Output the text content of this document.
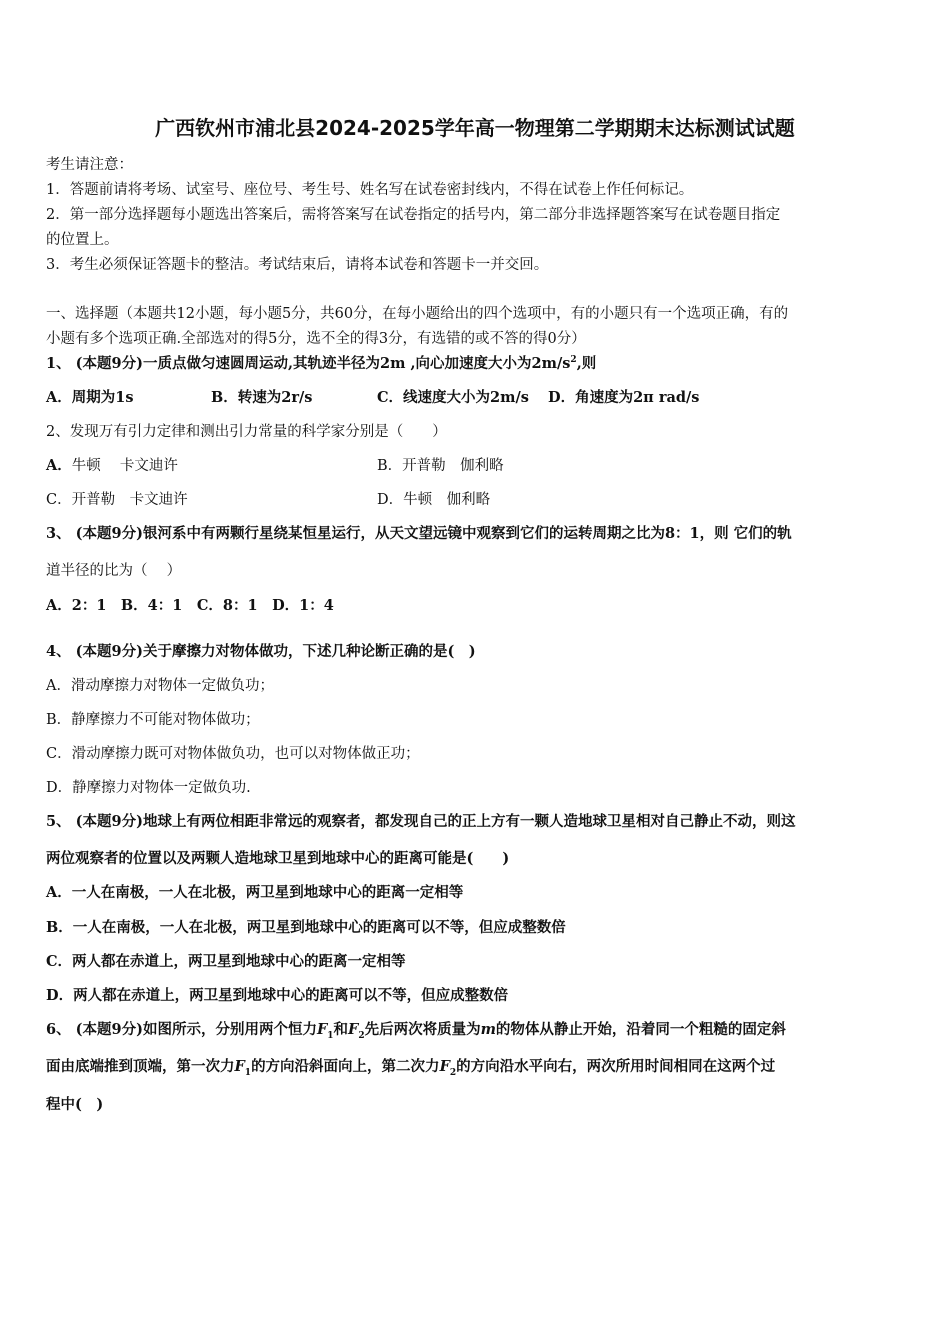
广西钦州市浦北县2024-2025学年高一物理第二学期期末达标测试试题
考生请注意：
1．答题前请将考场、试室号、座位号、考生号、姓名写在试卷密封线内，不得在试卷上作任何标记。
2．第一部分选择题每小题选出答案后，需将答案写在试卷指定的括号内，第二部分非选择题答案写在试卷题目指定
的位置上。
3．考生必须保证答题卡的整洁。考试结束后，请将本试卷和答题卡一并交回。
一、选择题（本题共12小题，每小题5分，共60分，在每小题给出的四个选项中，有的小题只有一个选项正确，有的
小题有多个选项正确.全部选对的得5分，选不全的得3分，有选错的或不答的得0分）
1、 (本题9分)一质点做匀速圆周运动,其轨迹半径为2m ,向心加速度大小为$2m/s^2$,则
A．周期为1s	B．转速为2r/s	C．线速度大小为2m/s D．角速度为2π rad/s
2、发现万有引力定律和测出引力常量的科学家分别是（　　）
A．牛顿　 卡文迪许	B．开普勒　伽利略
C．开普勒　卡文迪许	D．牛顿　伽利略
3、 (本题9分)银河系中有两颗行星绕某恒星运行，从天文望远镜中观察到它们的运转周期之比为8：1，则 它们的轨
道半径的比为（　 ）
A．2：1　B．4：1　C．8：1　D．1：4
4、 (本题9分)关于摩擦力对物体做功，下述几种论断正确的是(　)
A．滑动摩擦力对物体一定做负功；
B．静摩擦力不可能对物体做功；
C．滑动摩擦力既可对物体做负功，也可以对物体做正功；
D．静摩擦力对物体一定做负功.
5、 (本题9分)地球上有两位相距非常远的观察者，都发现自己的正上方有一颗人造地球卫星相对自己静止不动，则这
两位观察者的位置以及两颗人造地球卫星到地球中心的距离可能是(　　)
A．一人在南极，一人在北极，两卫星到地球中心的距离一定相等
B．一人在南极，一人在北极，两卫星到地球中心的距离可以不等，但应成整数倍
C．两人都在赤道上，两卫星到地球中心的距离一定相等
D．两人都在赤道上，两卫星到地球中心的距离可以不等，但应成整数倍
6、 (本题9分)如图所示，分别用两个恒力$F_1$和$F_2$先后两次将质量为m的物体从静止开始，沿着同一个粗糙的固定斜
面由底端推到顶端，第一次力$F_1$的方向沿斜面向上，第二次力$F_2$的方向沿水平向右，两次所用时间相同在这两个过
程中(　)
